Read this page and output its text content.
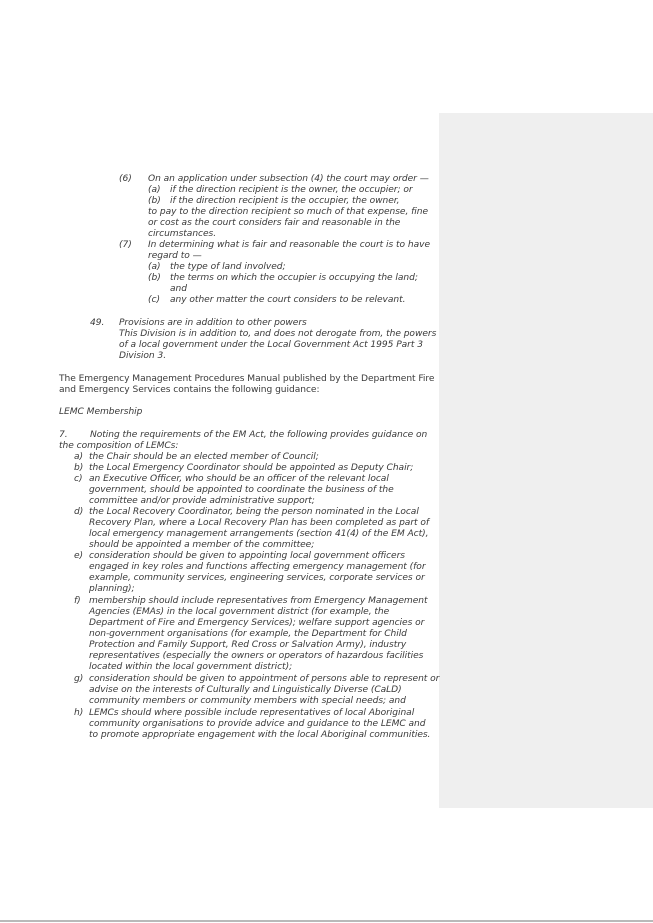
(6) On an application under subsection (4) the court may order —
(a) if the direction recipient is the owner, the occupier; or
(b) if the direction recipient is the occupier, the owner,
to pay to the direction recipient so much of that expense, fine
or cost as the court considers fair and reasonable in the
circumstances.
(7) In determining what is fair and reasonable the court is to have
regard to —
(a) the type of land involved;
(b) the terms on which the occupier is occupying the land;
and
(c) any other matter the court considers to be relevant.
49. Provisions are in addition to other powers
This Division is in addition to, and does not derogate from, the powers
of a local government under the Local Government Act 1995 Part 3
Division 3.
The Emergency Management Procedures Manual published by the Department Fire
and Emergency Services contains the following guidance:
LEMC Membership
7. Noting the requirements of the EM Act, the following provides guidance on
the composition of LEMCs:
a) the Chair should be an elected member of Council;
b) the Local Emergency Coordinator should be appointed as Deputy Chair;
c) an Executive Officer, who should be an officer of the relevant local
government, should be appointed to coordinate the business of the
committee and/or provide administrative support;
d) the Local Recovery Coordinator, being the person nominated in the Local
Recovery Plan, where a Local Recovery Plan has been completed as part of
local emergency management arrangements (section 41(4) of the EM Act),
should be appointed a member of the committee;
e) consideration should be given to appointing local government officers
engaged in key roles and functions affecting emergency management (for
example, community services, engineering services, corporate services or
planning);
f) membership should include representatives from Emergency Management
Agencies (EMAs) in the local government district (for example, the
Department of Fire and Emergency Services); welfare support agencies or
non-government organisations (for example, the Department for Child
Protection and Family Support, Red Cross or Salvation Army), industry
representatives (especially the owners or operators of hazardous facilities
located within the local government district);
g) consideration should be given to appointment of persons able to represent or
advise on the interests of Culturally and Linguistically Diverse (CaLD)
community members or community members with special needs; and
h) LEMCs should where possible include representatives of local Aboriginal
community organisations to provide advice and guidance to the LEMC and
to promote appropriate engagement with the local Aboriginal communities.
